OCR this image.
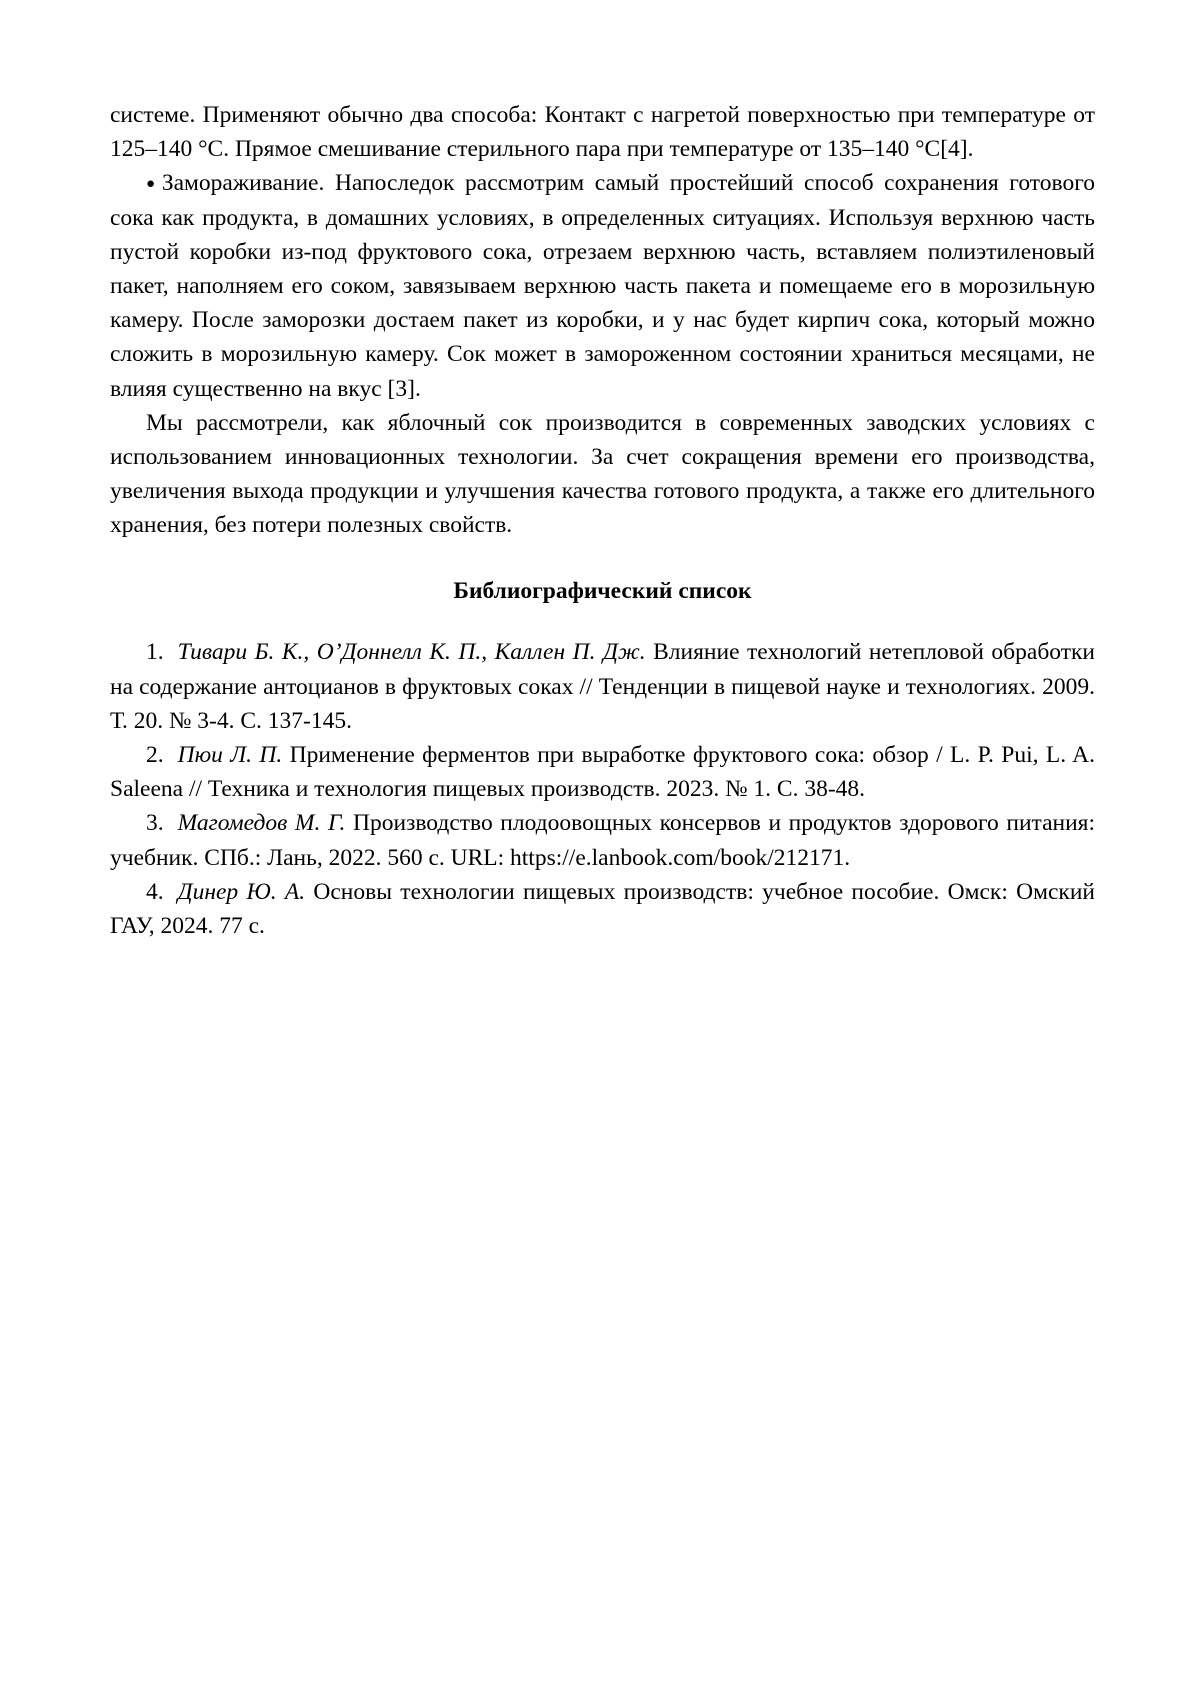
системе. Применяют обычно два способа: Контакт с нагретой поверхностью при температуре от 125–140 °С. Прямое смешивание стерильного пара при температуре от 135–140 °С[4].

●Замораживание. Напоследок рассмотрим самый простейший способ сохранения готового сока как продукта, в домашних условиях, в определенных ситуациях. Используя верхнюю часть пустой коробки из-под фруктового сока, отрезаем верхнюю часть, вставляем полиэтиленовый пакет, наполняем его соком, завязываем верхнюю часть пакета и помещаеме его в морозильную камеру. После заморозки достаем пакет из коробки, и у нас будет кирпич сока, который можно сложить в морозильную камеру. Сок может в замороженном состоянии храниться месяцами, не влияя существенно на вкус [3].

Мы рассмотрели, как яблочный сок производится в современных заводских условиях с использованием инновационных технологии. За счет сокращения времени его производства, увеличения выхода продукции и улучшения качества готового продукта, а также его длительного хранения, без потери полезных свойств.

Библиографический список

1. Тивари Б. К., О’Доннелл К. П., Каллен П. Дж. Влияние технологий нетепловой обработки на содержание антоцианов в фруктовых соках // Тенденции в пищевой науке и технологиях. 2009. Т. 20. № 3-4. С. 137-145.

2. Пюи Л. П. Применение ферментов при выработке фруктового сока: обзор / L. P. Pui, L. A. Saleena // Техника и технология пищевых производств. 2023. № 1. С. 38-48.

3. Магомедов М. Г. Производство плодоовощных консервов и продуктов здорового питания: учебник. СПб.: Лань, 2022. 560 с. URL: https://e.lanbook.com/book/212171.

4. Динер Ю. А. Основы технологии пищевых производств: учебное пособие. Омск: Омский ГАУ, 2024. 77 с.
